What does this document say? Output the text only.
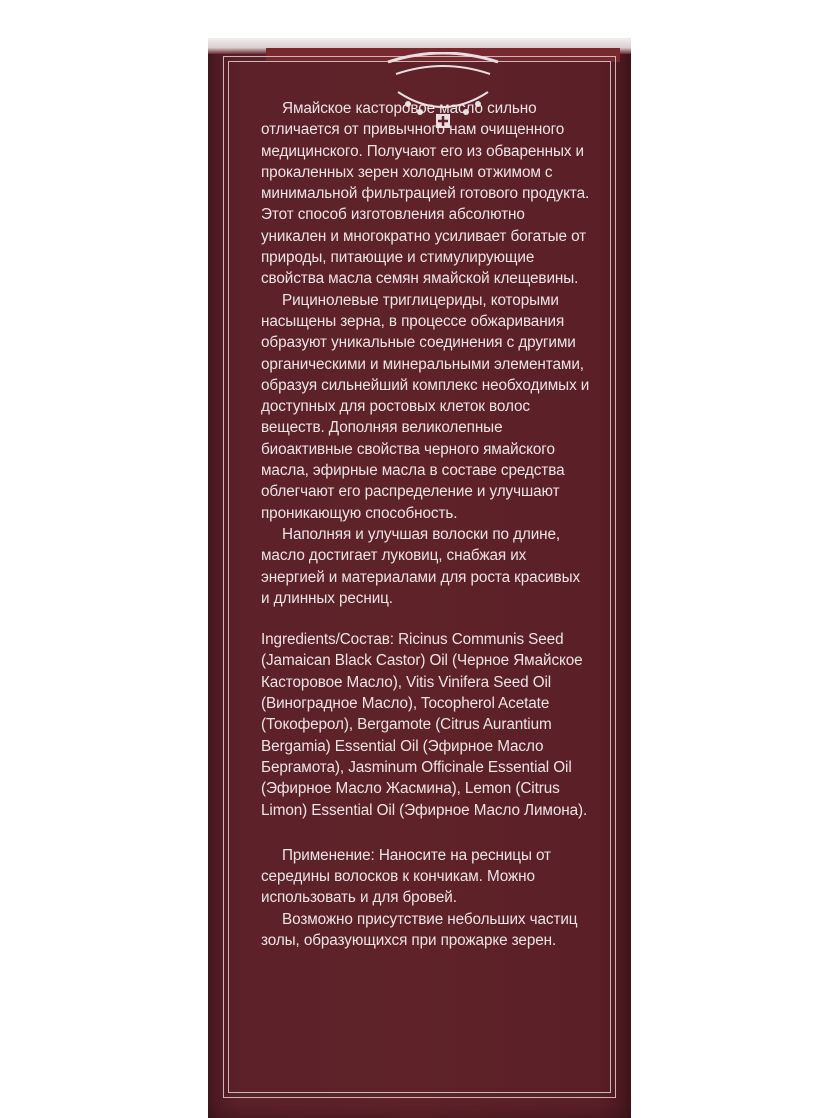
Ямайское касторовое масло сильно отличается от привычного нам очищенного медицинского. Получают его из обваренных и прокаленных зерен холодным отжимом с минимальной фильтрацией готового продукта. Этот способ изготовления абсолютно уникален и многократно усиливает богатые от природы, питающие и стимулирующие свойства масла семян ямайской клещевины.

Рицинолевые триглицериды, которыми насыщены зерна, в процессе обжаривания образуют уникальные соединения с другими органическими и минеральными элементами, образуя сильнейший комплекс необходимых и доступных для ростовых клеток волос веществ. Дополняя великолепные биоактивные свойства черного ямайского масла, эфирные масла в составе средства облегчают его распределение и улучшают проникающую способность.

Наполняя и улучшая волоски по длине, масло достигает луковиц, снабжая их энергией и материалами для роста красивых и длинных ресниц.

Ingredients/Состав: Ricinus Communis Seed (Jamaican Black Castor) Oil (Черное Ямайское Касторовое Масло), Vitis Vinifera Seed Oil (Виноградное Масло), Tocopherol Acetate (Токоферол), Bergamote (Citrus Aurantium Bergamia) Essential Oil (Эфирное Масло Бергамота), Jasminum Officinale Essential Oil (Эфирное Масло Жасмина), Lemon (Citrus Limon) Essential Oil (Эфирное Масло Лимона).

Применение: Наносите на ресницы от середины волосков к кончикам. Можно использовать и для бровей.

Возможно присутствие небольших частиц золы, образующихся при прожарке зерен.
